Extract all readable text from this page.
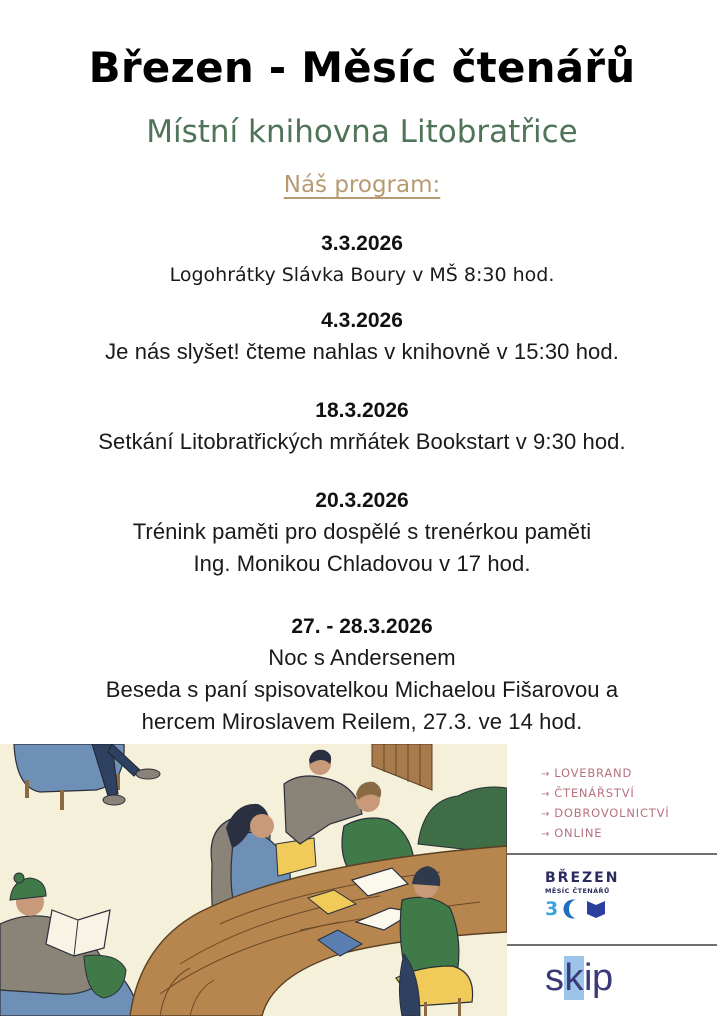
Březen - Měsíc čtenářů
Místní knihovna Litobratřice
Náš program:
3.3.2026
Logohrátky Slávka Boury v MŠ 8:30 hod.
4.3.2026
Je nás slyšet! čteme nahlas v knihovně v 15:30 hod.
18.3.2026
Setkání Litobratřických mrňátek Bookstart v 9:30 hod.
20.3.2026
Trénink paměti pro dospělé s trenérkou paměti
Ing. Monikou Chladovou v 17 hod.
27. - 28.3.2026
Noc s Andersenem
Beseda s paní spisovatelkou Michaelou Fišarovou a
hercem Miroslavem Reilem, 27.3. ve 14 hod.
→ LOVEBRAND
→ ČTENÁŘSTVÍ
→ DOBROVOLNICTVÍ
→ ONLINE
BŘEZEN
MĚSÍC ČTENÁŘŮ
3
skip
